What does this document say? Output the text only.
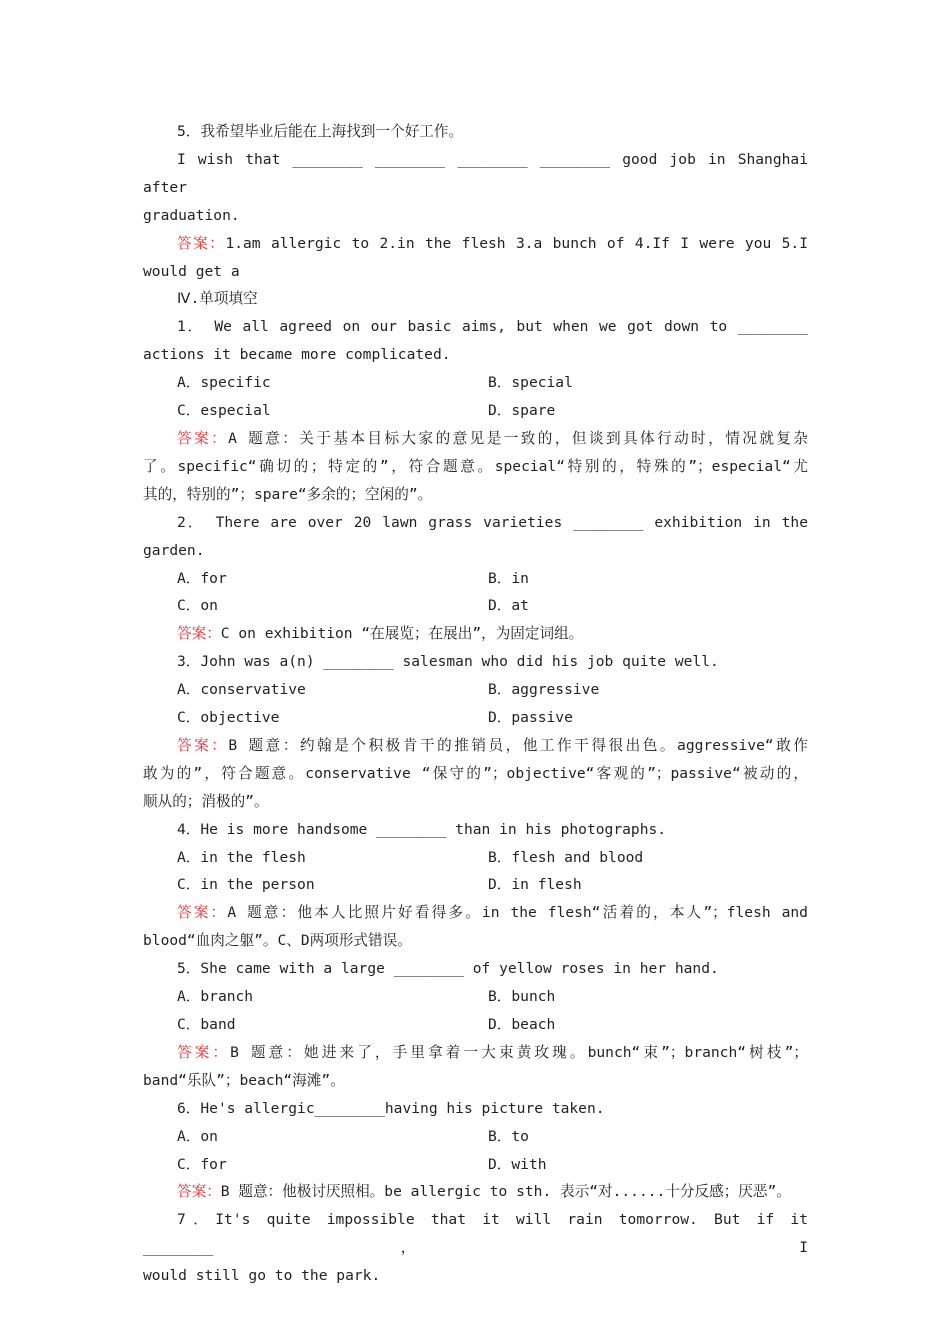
5．我希望毕业后能在上海找到一个好工作。

I wish that ________ ________ ________ ________ good job in Shanghai after

graduation.

答案：1.am allergic to 2.in the flesh 3.a bunch of 4.If I were you 5.I

would get a

Ⅳ.单项填空

1． We all agreed on our basic aims, but when we got down to ________

actions it became more complicated.

A．specific	B．special
C．especial	D．spare

答案：A 题意：关于基本目标大家的意见是一致的，但谈到具体行动时，情况就复杂

了。specific“确切的；特定的”，符合题意。special“特别的，特殊的”；especial“尤

其的，特别的”；spare“多余的；空闲的”。

2． There are over 20 lawn grass varieties ________ exhibition in the

garden.

A．for	B．in
C．on	D．at

答案：C on exhibition “在展览；在展出”，为固定词组。

3．John was a(n) ________ salesman who did his job quite well.

A．conservative	B．aggressive
C．objective	D．passive

答案：B 题意：约翰是个积极肯干的推销员，他工作干得很出色。aggressive“敢作

敢为的”，符合题意。conservative “保守的”；objective“客观的”；passive“被动的，

顺从的；消极的”。

4．He is more handsome ________ than in his photographs.

A．in the flesh	B．flesh and blood
C．in the person	D．in flesh

答案：A 题意：他本人比照片好看得多。in the flesh“活着的，本人”；flesh and

blood“血肉之躯”。C、D两项形式错误。

5．She came with a large ________ of yellow roses in her hand.

A．branch	B．bunch
C．band	D．beach

答案：B 题意：她进来了，手里拿着一大束黄玫瑰。bunch“束”；branch“树枝”；

band“乐队”；beach“海滩”。

6．He's allergic________having his picture taken.

A．on	B．to
C．for	D．with

答案：B 题意：他极讨厌照相。be allergic to sth. 表示“对......十分反感；厌恶”。

7．It's quite impossible that it will rain tomorrow. But if it ________， I

would still go to the park.
